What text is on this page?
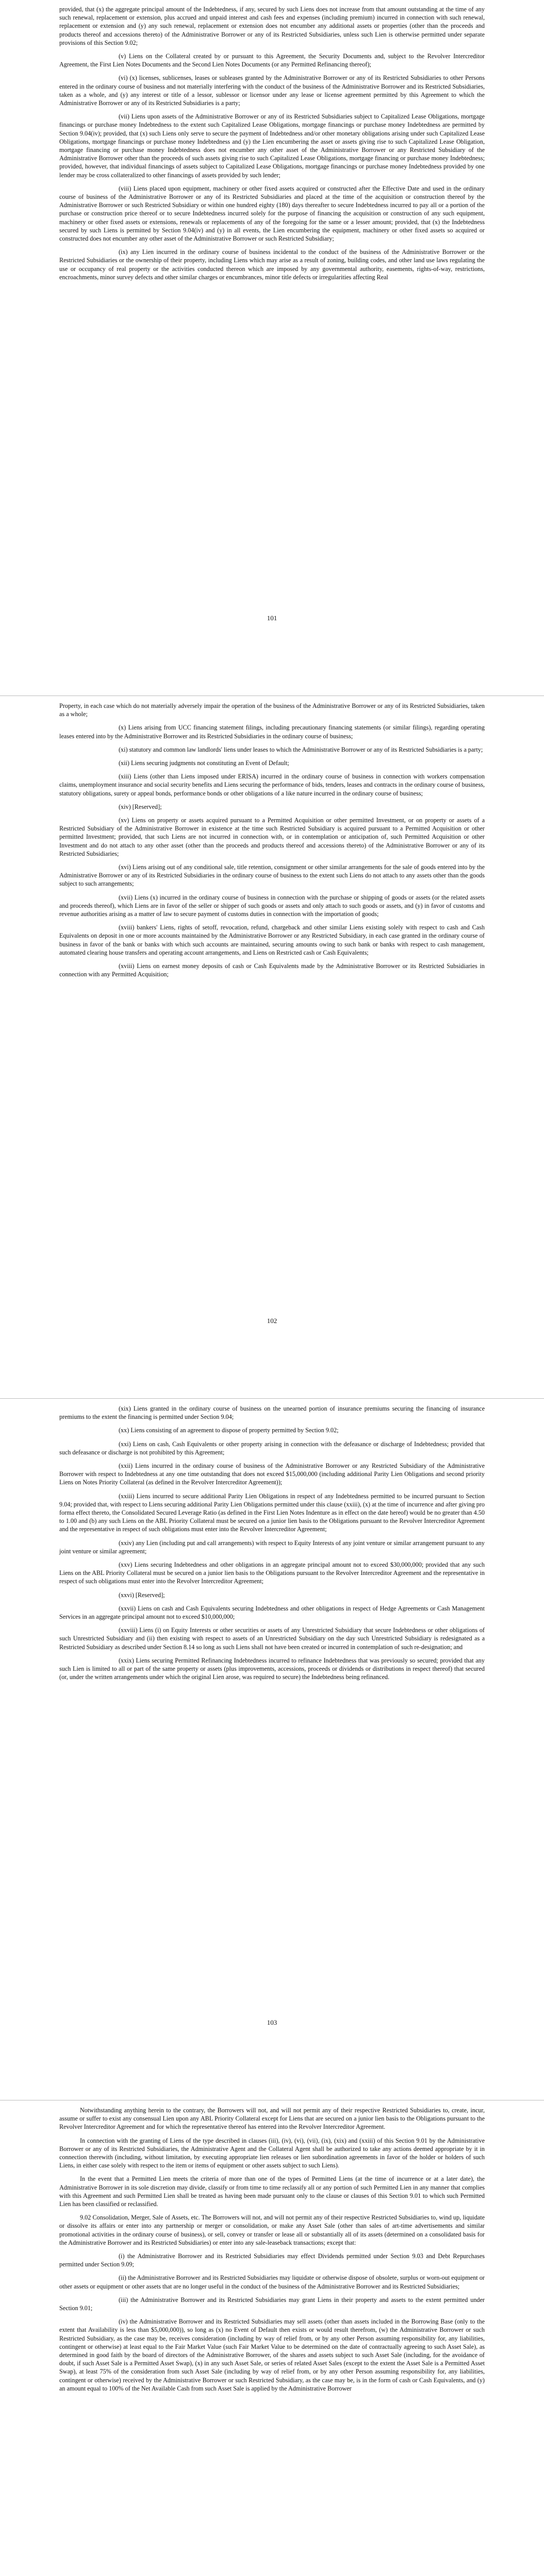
provided, that (x) the aggregate principal amount of the Indebtedness, if any, secured by such Liens does not increase from that amount outstanding at the time of any such renewal, replacement or extension, plus accrued and unpaid interest and cash fees and expenses (including premium) incurred in connection with such renewal, replacement or extension and (y) any such renewal, replacement or extension does not encumber any additional assets or properties (other than the proceeds and products thereof and accessions thereto) of the Administrative Borrower or any of its Restricted Subsidiaries, unless such Lien is otherwise permitted under separate provisions of this Section 9.02;

(v) Liens on the Collateral created by or pursuant to this Agreement, the Security Documents and, subject to the Revolver Intercreditor Agreement, the First Lien Notes Documents and the Second Lien Notes Documents (or any Permitted Refinancing thereof);

(vi) (x) licenses, sublicenses, leases or subleases granted by the Administrative Borrower or any of its Restricted Subsidiaries to other Persons entered in the ordinary course of business and not materially interfering with the conduct of the business of the Administrative Borrower and its Restricted Subsidiaries, taken as a whole, and (y) any interest or title of a lessor, sublessor or licensor under any lease or license agreement permitted by this Agreement to which the Administrative Borrower or any of its Restricted Subsidiaries is a party;

(vii) Liens upon assets of the Administrative Borrower or any of its Restricted Subsidiaries subject to Capitalized Lease Obligations, mortgage financings or purchase money Indebtedness to the extent such Capitalized Lease Obligations, mortgage financings or purchase money Indebtedness are permitted by Section 9.04(iv); provided, that (x) such Liens only serve to secure the payment of Indebtedness and/or other monetary obligations arising under such Capitalized Lease Obligations, mortgage financings or purchase money Indebtedness and (y) the Lien encumbering the asset or assets giving rise to such Capitalized Lease Obligation, mortgage financing or purchase money Indebtedness does not encumber any other asset of the Administrative Borrower or any Restricted Subsidiary of the Administrative Borrower other than the proceeds of such assets giving rise to such Capitalized Lease Obligations, mortgage financing or purchase money Indebtedness; provided, however, that individual financings of assets subject to Capitalized Lease Obligations, mortgage financings or purchase money Indebtedness provided by one lender may be cross collateralized to other financings of assets provided by such lender;

(viii) Liens placed upon equipment, machinery or other fixed assets acquired or constructed after the Effective Date and used in the ordinary course of business of the Administrative Borrower or any of its Restricted Subsidiaries and placed at the time of the acquisition or construction thereof by the Administrative Borrower or such Restricted Subsidiary or within one hundred eighty (180) days thereafter to secure Indebtedness incurred to pay all or a portion of the purchase or construction price thereof or to secure Indebtedness incurred solely for the purpose of financing the acquisition or construction of any such equipment, machinery or other fixed assets or extensions, renewals or replacements of any of the foregoing for the same or a lesser amount; provided, that (x) the Indebtedness secured by such Liens is permitted by Section 9.04(iv) and (y) in all events, the Lien encumbering the equipment, machinery or other fixed assets so acquired or constructed does not encumber any other asset of the Administrative Borrower or such Restricted Subsidiary;

(ix) any Lien incurred in the ordinary course of business incidental to the conduct of the business of the Administrative Borrower or the Restricted Subsidiaries or the ownership of their property, including Liens which may arise as a result of zoning, building codes, and other land use laws regulating the use or occupancy of real property or the activities conducted thereon which are imposed by any governmental authority, easements, rights-of-way, restrictions, encroachments, minor survey defects and other similar charges or encumbrances, minor title defects or irregularities affecting Real

101

Property, in each case which do not materially adversely impair the operation of the business of the Administrative Borrower or any of its Restricted Subsidiaries, taken as a whole;

(x) Liens arising from UCC financing statement filings, including precautionary financing statements (or similar filings), regarding operating leases entered into by the Administrative Borrower and its Restricted Subsidiaries in the ordinary course of business;

(xi) statutory and common law landlords' liens under leases to which the Administrative Borrower or any of its Restricted Subsidiaries is a party;

(xii) Liens securing judgments not constituting an Event of Default;

(xiii) Liens (other than Liens imposed under ERISA) incurred in the ordinary course of business in connection with workers compensation claims, unemployment insurance and social security benefits and Liens securing the performance of bids, tenders, leases and contracts in the ordinary course of business, statutory obligations, surety or appeal bonds, performance bonds or other obligations of a like nature incurred in the ordinary course of business;

(xiv) [Reserved];

(xv) Liens on property or assets acquired pursuant to a Permitted Acquisition or other permitted Investment, or on property or assets of a Restricted Subsidiary of the Administrative Borrower in existence at the time such Restricted Subsidiary is acquired pursuant to a Permitted Acquisition or other permitted Investment; provided, that such Liens are not incurred in connection with, or in contemplation or anticipation of, such Permitted Acquisition or other Investment and do not attach to any other asset (other than the proceeds and products thereof and accessions thereto) of the Administrative Borrower or any of its Restricted Subsidiaries;

(xvi) Liens arising out of any conditional sale, title retention, consignment or other similar arrangements for the sale of goods entered into by the Administrative Borrower or any of its Restricted Subsidiaries in the ordinary course of business to the extent such Liens do not attach to any assets other than the goods subject to such arrangements;

(xvii) Liens (x) incurred in the ordinary course of business in connection with the purchase or shipping of goods or assets (or the related assets and proceeds thereof), which Liens are in favor of the seller or shipper of such goods or assets and only attach to such goods or assets, and (y) in favor of customs and revenue authorities arising as a matter of law to secure payment of customs duties in connection with the importation of goods;

(xviii) bankers' Liens, rights of setoff, revocation, refund, chargeback and other similar Liens existing solely with respect to cash and Cash Equivalents on deposit in one or more accounts maintained by the Administrative Borrower or any Restricted Subsidiary, in each case granted in the ordinary course of business in favor of the bank or banks with which such accounts are maintained, securing amounts owing to such bank or banks with respect to cash management, automated clearing house transfers and operating account arrangements, and Liens on Restricted cash or Cash Equivalents;

(xviii) Liens on earnest money deposits of cash or Cash Equivalents made by the Administrative Borrower or its Restricted Subsidiaries in connection with any Permitted Acquisition;

102

(xix) Liens granted in the ordinary course of business on the unearned portion of insurance premiums securing the financing of insurance premiums to the extent the financing is permitted under Section 9.04;

(xx) Liens consisting of an agreement to dispose of property permitted by Section 9.02;

(xxi) Liens on cash, Cash Equivalents or other property arising in connection with the defeasance or discharge of Indebtedness; provided that such defeasance or discharge is not prohibited by this Agreement;

(xxii) Liens incurred in the ordinary course of business of the Administrative Borrower or any Restricted Subsidiary of the Administrative Borrower with respect to Indebtedness at any one time outstanding that does not exceed $15,000,000 (including additional Parity Lien Obligations and second priority Liens on Notes Priority Collateral (as defined in the Revolver Intercreditor Agreement));

(xxiii) Liens incurred to secure additional Parity Lien Obligations in respect of any Indebtedness permitted to be incurred pursuant to Section 9.04; provided that, with respect to Liens securing additional Parity Lien Obligations permitted under this clause (xxiii), (x) at the time of incurrence and after giving pro forma effect thereto, the Consolidated Secured Leverage Ratio (as defined in the First Lien Notes Indenture as in effect on the date hereof) would be no greater than 4.50 to 1.00 and (b) any such Liens on the ABL Priority Collateral must be secured on a junior lien basis to the Obligations pursuant to the Revolver Intercreditor Agreement and the representative in respect of such obligations must enter into the Revolver Intercreditor Agreement;

(xxiv) any Lien (including put and call arrangements) with respect to Equity Interests of any joint venture or similar arrangement pursuant to any joint venture or similar agreement;

(xxv) Liens securing Indebtedness and other obligations in an aggregate principal amount not to exceed $30,000,000; provided that any such Liens on the ABL Priority Collateral must be secured on a junior lien basis to the Obligations pursuant to the Revolver Intercreditor Agreement and the representative in respect of such obligations must enter into the Revolver Intercreditor Agreement;

(xxvi) [Reserved];

(xxvii) Liens on cash and Cash Equivalents securing Indebtedness and other obligations in respect of Hedge Agreements or Cash Management Services in an aggregate principal amount not to exceed $10,000,000;

(xxviii) Liens (i) on Equity Interests or other securities or assets of any Unrestricted Subsidiary that secure Indebtedness or other obligations of such Unrestricted Subsidiary and (ii) then existing with respect to assets of an Unrestricted Subsidiary on the day such Unrestricted Subsidiary is redesignated as a Restricted Subsidiary as described under Section 8.14 so long as such Liens shall not have been created or incurred in contemplation of such re-designation; and

(xxix) Liens securing Permitted Refinancing Indebtedness incurred to refinance Indebtedness that was previously so secured; provided that any such Lien is limited to all or part of the same property or assets (plus improvements, accessions, proceeds or dividends or distributions in respect thereof) that secured (or, under the written arrangements under which the original Lien arose, was required to secure) the Indebtedness being refinanced.

103

Notwithstanding anything herein to the contrary, the Borrowers will not, and will not permit any of their respective Restricted Subsidiaries to, create, incur, assume or suffer to exist any consensual Lien upon any ABL Priority Collateral except for Liens that are secured on a junior lien basis to the Obligations pursuant to the Revolver Intercreditor Agreement and for which the representative thereof has entered into the Revolver Intercreditor Agreement.

In connection with the granting of Liens of the type described in clauses (iii), (iv), (vi), (vii), (ix), (xix) and (xxiii) of this Section 9.01 by the Administrative Borrower or any of its Restricted Subsidiaries, the Administrative Agent and the Collateral Agent shall be authorized to take any actions deemed appropriate by it in connection therewith (including, without limitation, by executing appropriate lien releases or lien subordination agreements in favor of the holder or holders of such Liens, in either case solely with respect to the item or items of equipment or other assets subject to such Liens).

In the event that a Permitted Lien meets the criteria of more than one of the types of Permitted Liens (at the time of incurrence or at a later date), the Administrative Borrower in its sole discretion may divide, classify or from time to time reclassify all or any portion of such Permitted Lien in any manner that complies with this Agreement and such Permitted Lien shall be treated as having been made pursuant only to the clause or clauses of this Section 9.01 to which such Permitted Lien has been classified or reclassified.

9.02 Consolidation, Merger, Sale of Assets, etc. The Borrowers will not, and will not permit any of their respective Restricted Subsidiaries to, wind up, liquidate or dissolve its affairs or enter into any partnership or merger or consolidation, or make any Asset Sale (other than sales of art-time advertisements and similar promotional activities in the ordinary course of business), or sell, convey or transfer or lease all or substantially all of its assets (determined on a consolidated basis for the Administrative Borrower and its Restricted Subsidiaries) or enter into any sale-leaseback transactions; except that:

(i) the Administrative Borrower and its Restricted Subsidiaries may effect Dividends permitted under Section 9.03 and Debt Repurchases permitted under Section 9.09;

(ii) the Administrative Borrower and its Restricted Subsidiaries may liquidate or otherwise dispose of obsolete, surplus or worn-out equipment or other assets or equipment or other assets that are no longer useful in the conduct of the business of the Administrative Borrower and its Restricted Subsidiaries;

(iii) the Administrative Borrower and its Restricted Subsidiaries may grant Liens in their property and assets to the extent permitted under Section 9.01;

(iv) the Administrative Borrower and its Restricted Subsidiaries may sell assets (other than assets included in the Borrowing Base (only to the extent that Availability is less than $5,000,000)), so long as (x) no Event of Default then exists or would result therefrom, (w) the Administrative Borrower or such Restricted Subsidiary, as the case may be, receives consideration (including by way of relief from, or by any other Person assuming responsibility for, any liabilities, contingent or otherwise) at least equal to the Fair Market Value (such Fair Market Value to be determined on the date of contractually agreeing to such Asset Sale), as determined in good faith by the board of directors of the Administrative Borrower, of the shares and assets subject to such Asset Sale (including, for the avoidance of doubt, if such Asset Sale is a Permitted Asset Swap), (x) in any such Asset Sale, or series of related Asset Sales (except to the extent the Asset Sale is a Permitted Asset Swap), at least 75% of the consideration from such Asset Sale (including by way of relief from, or by any other Person assuming responsibility for, any liabilities, contingent or otherwise) received by the Administrative Borrower or such Restricted Subsidiary, as the case may be, is in the form of cash or Cash Equivalents, and (y) an amount equal to 100% of the Net Available Cash from such Asset Sale is applied by the Administrative Borrower
